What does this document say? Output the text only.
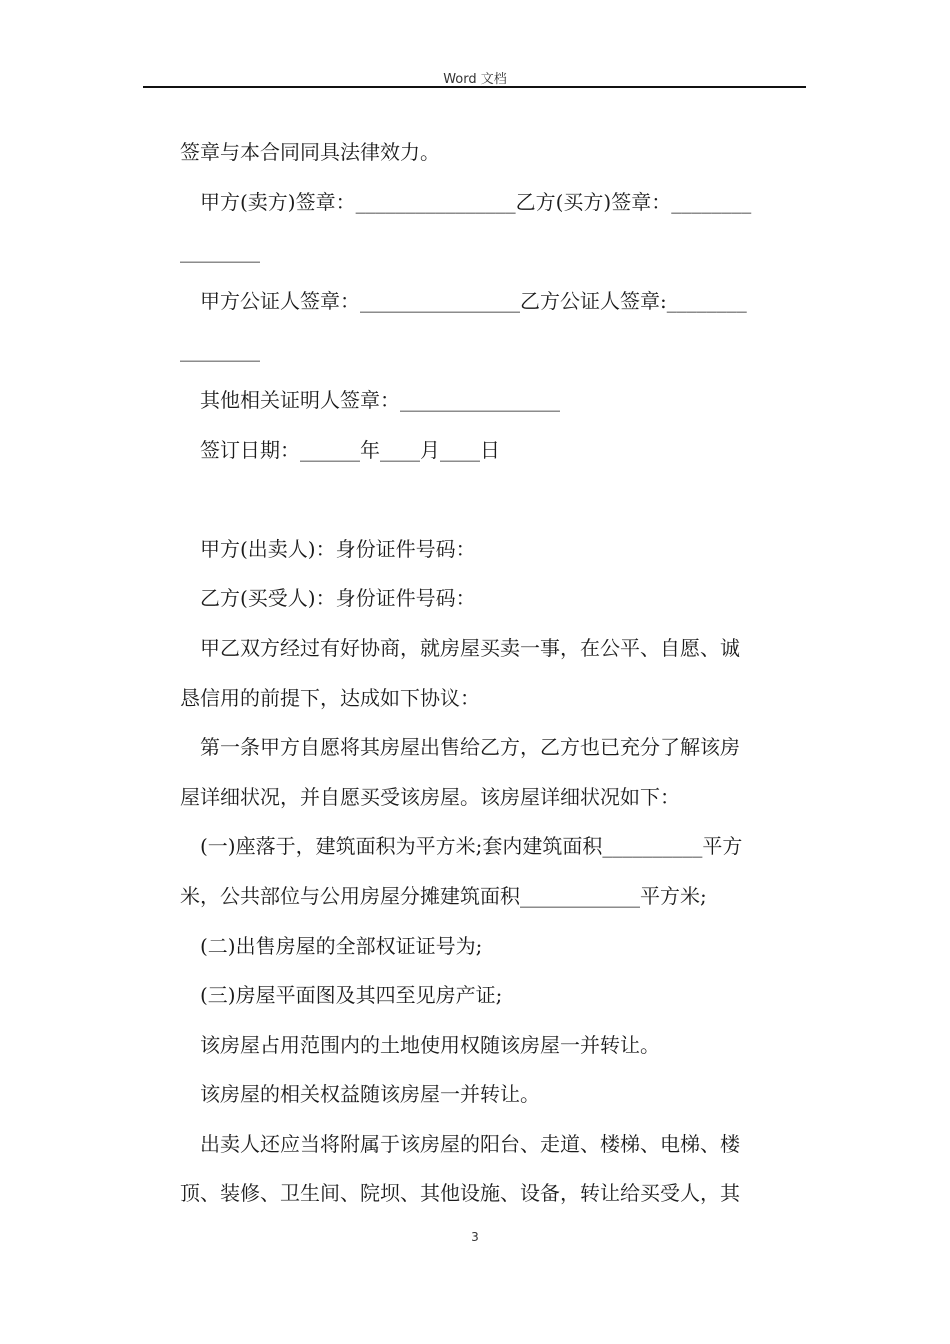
Word 文档
签章与本合同同具法律效力。
甲方(卖方)签章：________________乙方(买方)签章：________
________
甲方公证人签章：________________乙方公证人签章:________
________
其他相关证明人签章：________________
签订日期：______年____月____日
甲方(出卖人)：身份证件号码：
乙方(买受人)：身份证件号码：
甲乙双方经过有好协商，就房屋买卖一事，在公平、自愿、诚
恳信用的前提下，达成如下协议：
第一条甲方自愿将其房屋出售给乙方，乙方也已充分了解该房
屋详细状况，并自愿买受该房屋。该房屋详细状况如下：
(一)座落于，建筑面积为平方米;套内建筑面积__________平方
米，公共部位与公用房屋分摊建筑面积____________平方米;
(二)出售房屋的全部权证证号为;
(三)房屋平面图及其四至见房产证;
该房屋占用范围内的土地使用权随该房屋一并转让。
该房屋的相关权益随该房屋一并转让。
出卖人还应当将附属于该房屋的阳台、走道、楼梯、电梯、楼
顶、装修、卫生间、院坝、其他设施、设备，转让给买受人，其
3
